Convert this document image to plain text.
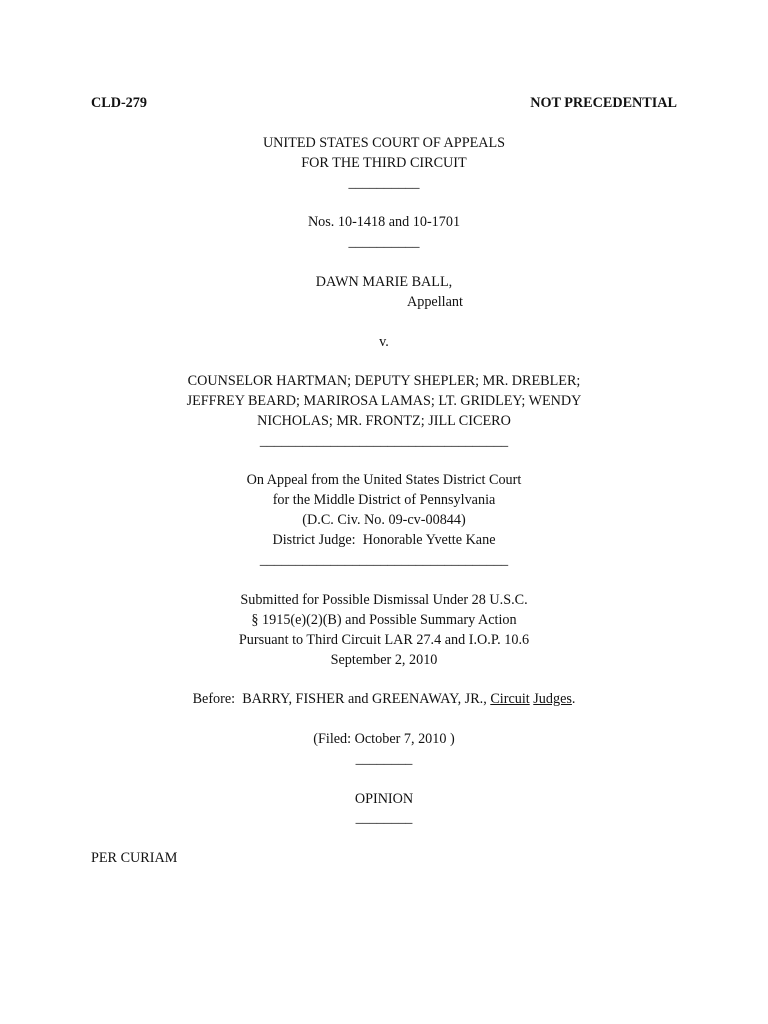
CLD-279	NOT PRECEDENTIAL
UNITED STATES COURT OF APPEALS
FOR THE THIRD CIRCUIT
__________
Nos. 10-1418 and 10-1701
__________
DAWN MARIE BALL,
Appellant
v.
COUNSELOR HARTMAN; DEPUTY SHEPLER; MR. DREBLER;
JEFFREY BEARD; MARIROSA LAMAS; LT. GRIDLEY; WENDY
NICHOLAS; MR. FRONTZ; JILL CICERO
___________________________________
On Appeal from the United States District Court
for the Middle District of Pennsylvania
(D.C. Civ. No. 09-cv-00844)
District Judge:  Honorable Yvette Kane
___________________________________
Submitted for Possible Dismissal Under 28 U.S.C.
§ 1915(e)(2)(B) and Possible Summary Action
Pursuant to Third Circuit LAR 27.4 and I.O.P. 10.6
September 2, 2010
Before:  BARRY, FISHER and GREENAWAY, JR., Circuit Judges.
(Filed: October 7, 2010 )
________
OPINION
________
PER CURIAM
